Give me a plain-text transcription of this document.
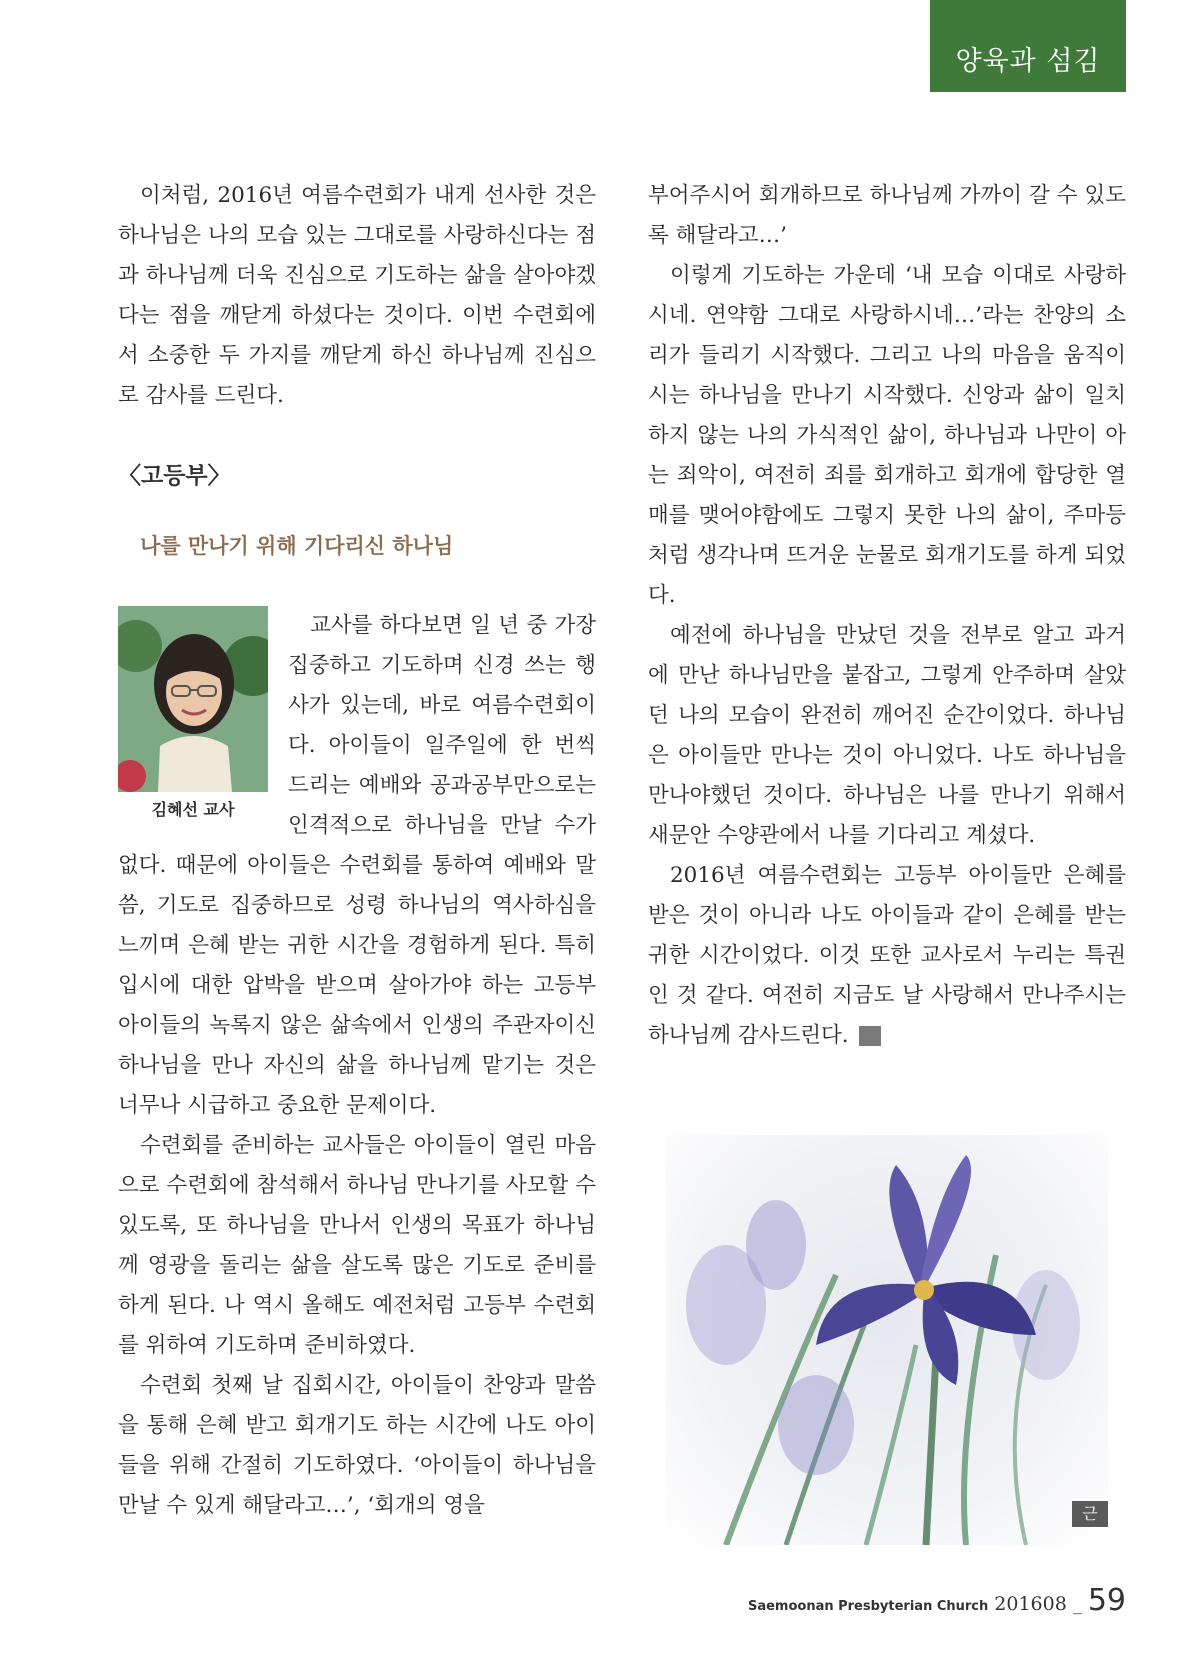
양육과 섬김

이처럼, 2016년 여름수련회가 내게 선사한 것은 하나님은 나의 모습 있는 그대로를 사랑하신다는 점과 하나님께 더욱 진심으로 기도하는 삶을 살아야겠다는 점을 깨닫게 하셨다는 것이다. 이번 수련회에서 소중한 두 가지를 깨닫게 하신 하나님께 진심으로 감사를 드린다.

〈고등부〉
나를 만나기 위해 기다리신 하나님
김혜선 교사

교사를 하다보면 일 년 중 가장 집중하고 기도하며 신경 쓰는 행사가 있는데, 바로 여름수련회이다. 아이들이 일주일에 한 번씩 드리는 예배와 공과공부만으로는 인격적으로 하나님을 만날 수가 없다. 때문에 아이들은 수련회를 통하여 예배와 말씀, 기도로 집중하므로 성령 하나님의 역사하심을 느끼며 은혜 받는 귀한 시간을 경험하게 된다. 특히 입시에 대한 압박을 받으며 살아가야 하는 고등부 아이들의 녹록지 않은 삶속에서 인생의 주관자이신 하나님을 만나 자신의 삶을 하나님께 맡기는 것은 너무나 시급하고 중요한 문제이다.

수련회를 준비하는 교사들은 아이들이 열린 마음으로 수련회에 참석해서 하나님 만나기를 사모할 수 있도록, 또 하나님을 만나서 인생의 목표가 하나님께 영광을 돌리는 삶을 살도록 많은 기도로 준비를 하게 된다. 나 역시 올해도 예전처럼 고등부 수련회를 위하여 기도하며 준비하였다.

수련회 첫째 날 집회시간, 아이들이 찬양과 말씀을 통해 은혜 받고 회개기도 하는 시간에 나도 아이들을 위해 간절히 기도하였다. ‘아이들이 하나님을 만날 수 있게 해달라고…’, ‘회개의 영을

부어주시어 회개하므로 하나님께 가까이 갈 수 있도록 해달라고…’

이렇게 기도하는 가운데 ‘내 모습 이대로 사랑하시네. 연약함 그대로 사랑하시네…’라는 찬양의 소리가 들리기 시작했다. 그리고 나의 마음을 움직이시는 하나님을 만나기 시작했다. 신앙과 삶이 일치하지 않는 나의 가식적인 삶이, 하나님과 나만이 아는 죄악이, 여전히 죄를 회개하고 회개에 합당한 열매를 맺어야함에도 그렇지 못한 나의 삶이, 주마등처럼 생각나며 뜨거운 눈물로 회개기도를 하게 되었다.

예전에 하나님을 만났던 것을 전부로 알고 과거에 만난 하나님만을 붙잡고, 그렇게 안주하며 살았던 나의 모습이 완전히 깨어진 순간이었다. 하나님은 아이들만 만나는 것이 아니었다. 나도 하나님을 만나야했던 것이다. 하나님은 나를 만나기 위해서 새문안 수양관에서 나를 기다리고 계셨다.

2016년 여름수련회는 고등부 아이들만 은혜를 받은 것이 아니라 나도 아이들과 같이 은혜를 받는 귀한 시간이었다. 이것 또한 교사로서 누리는 특권인 것 같다. 여전히 지금도 날 사랑해서 만나주시는 하나님께 감사드린다. 새

근
Saemoonan Presbyterian Church 201608 _ 59
